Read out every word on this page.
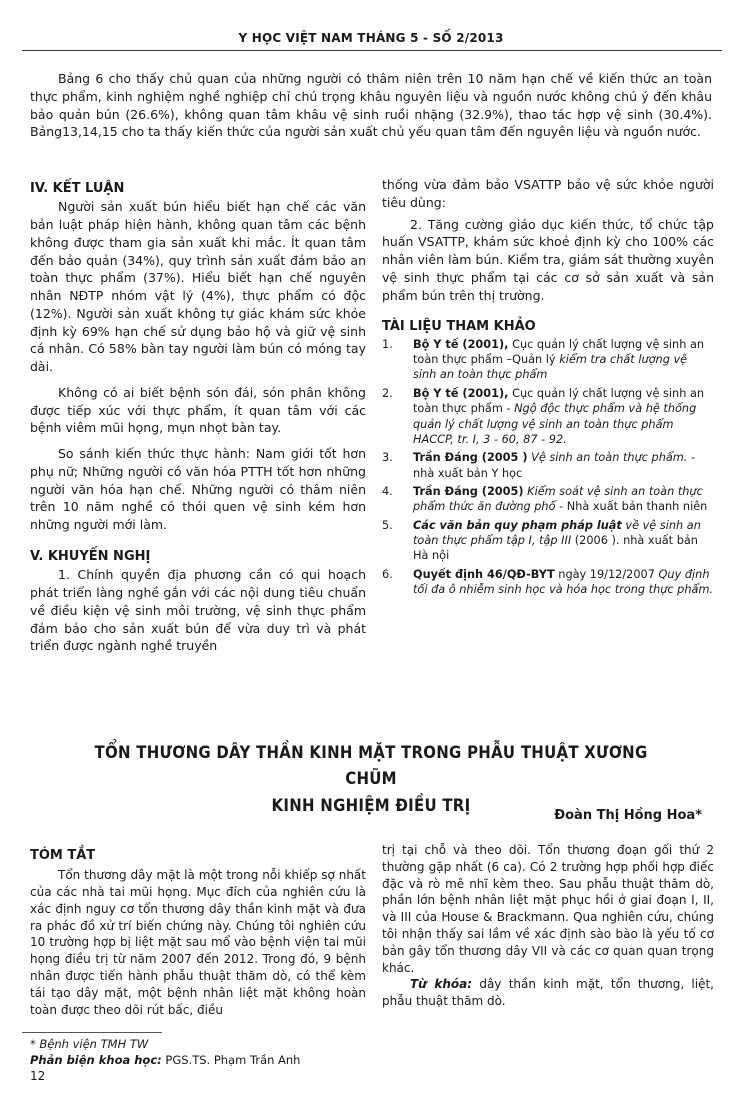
Y HỌC VIỆT NAM THÁNG 5 - SỐ 2/2013

Bảng 6 cho thấy chủ quan của những người có thâm niên trên 10 năm hạn chế về kiến thức an toàn thực phẩm, kinh nghiệm nghề nghiệp chỉ chú trọng khâu nguyên liệu và nguồn nước không chú ý đến khâu bảo quản bún (26.6%), không quan tâm khâu vệ sinh ruồi nhặng (32.9%), thao tác hợp vệ sinh (30.4%). Bảng13,14,15 cho ta thấy kiến thức của người sản xuất chủ yếu quan tâm đến nguyên liệu và nguồn nước.

IV. KẾT LUẬN

Người sản xuất bún hiểu biết hạn chế các văn bản luật pháp hiện hành, không quan tâm các bệnh không được tham gia sản xuất khi mắc. Ít quan tâm đến bảo quản (34%), quy trình sản xuất đảm bảo an toàn thực phẩm (37%). Hiểu biết hạn chế nguyên nhân NĐTP nhóm vật lý (4%), thực phẩm có độc (12%). Người sản xuất không tự giác khám sức khỏe định kỳ 69% hạn chế sử dụng bảo hộ và giữ vệ sinh cá nhân. Có 58% bàn tay người làm bún có móng tay dài.

Không có ai biết bệnh són đái, són phân không được tiếp xúc với thực phẩm, ít quan tâm với các bệnh viêm mũi họng, mụn nhọt bàn tay.

So sánh kiến thức thực hành: Nam giới tốt hơn phụ nữ; Những người có văn hóa PTTH tốt hơn những người văn hóa hạn chế. Những người có thâm niên trên 10 năm nghề có thói quen vệ sinh kém hơn những người mới làm.

V. KHUYẾN NGHỊ

1. Chính quyền địa phương cần có qui hoạch phát triển làng nghề gắn với các nội dung tiêu chuẩn về điều kiện vệ sinh môi trường, vệ sinh thực phẩm đảm bảo cho sản xuất bún để vừa duy trì và phát triển được ngành nghề truyền

thống vừa đảm bảo VSATTP bảo vệ sức khỏe người tiêu dùng:

2. Tăng cường giáo dục kiến thức, tổ chức tập huấn VSATTP, khám sức khoẻ định kỳ cho 100% các nhân viên làm bún. Kiểm tra, giám sát thường xuyên vệ sinh thực phẩm tại các cơ sở sản xuất và sản phẩm bún trên thị trường.

TÀI LIỆU THAM KHẢO
1. Bộ Y tế (2001), Cục quản lý chất lượng vệ sinh an toàn thực phẩm –Quản lý kiểm tra chất lượng vệ sinh an toàn thực phẩm
2. Bộ Y tế (2001), Cục quản lý chất lượng vệ sinh an toàn thực phẩm - Ngộ độc thực phẩm và hệ thống quản lý chất lượng vệ sinh an toàn thực phẩm HACCP, tr. I, 3 - 60, 87 - 92.
3. Trần Đáng (2005 ) Vệ sinh an toàn thực phẩm. - nhà xuất bản Y học
4. Trần Đáng (2005) Kiểm soát vệ sinh an toàn thực phẩm thức ăn đường phố - Nhà xuất bản thanh niên
5. Các văn bản quy phạm pháp luật về vệ sinh an toàn thực phẩm tập I, tập III (2006 ). nhà xuất bản Hà nội
6. Quyết định 46/QĐ-BYT ngày 19/12/2007 Quy định tối đa ô nhiễm sinh học và hóa học trong thực phẩm.
TỔN THƯƠNG DÂY THẦN KINH MẶT TRONG PHẪU THUẬT XƯƠNG CHŨM
KINH NGHIỆM ĐIỀU TRỊ	Đoàn Thị Hồng Hoa*
TÓM TẮT

Tổn thương dây mặt là một trong nỗi khiếp sợ nhất của các nhà tai mũi họng. Mục đích của nghiên cứu là xác định nguy cơ tổn thương dây thần kinh mặt và đưa ra phác đồ xử trí biến chứng này. Chúng tôi nghiên cứu 10 trường hợp bị liệt mặt sau mổ vào bệnh viện tai mũi họng điều trị từ năm 2007 đến 2012. Trong đó, 9 bệnh nhân được tiến hành phẫu thuật thăm dò, có thể kèm tái tạo dây mặt, một bệnh nhân liệt mặt không hoàn toàn được theo dõi rút bấc, điều

trị tại chỗ và theo dõi. Tổn thương đoạn gối thứ 2 thường gặp nhất (6 ca). Có 2 trường hợp phối hợp điếc đặc và rò mê nhĩ kèm theo. Sau phẫu thuật thăm dò, phần lớn bệnh nhân liệt mặt phục hồi ở giai đoạn I, II, và III của House & Brackmann. Qua nghiên cứu, chúng tôi nhận thấy sai lầm về xác định sào bào là yếu tố cơ bản gây tổn thương dây VII và các cơ quan quan trọng khác.

Từ khóa: dây thần kinh mặt, tổn thương, liệt, phẫu thuật thăm dò.

* Bệnh viện TMH TW
Phản biện khoa học: PGS.TS. Phạm Trần Anh
12
